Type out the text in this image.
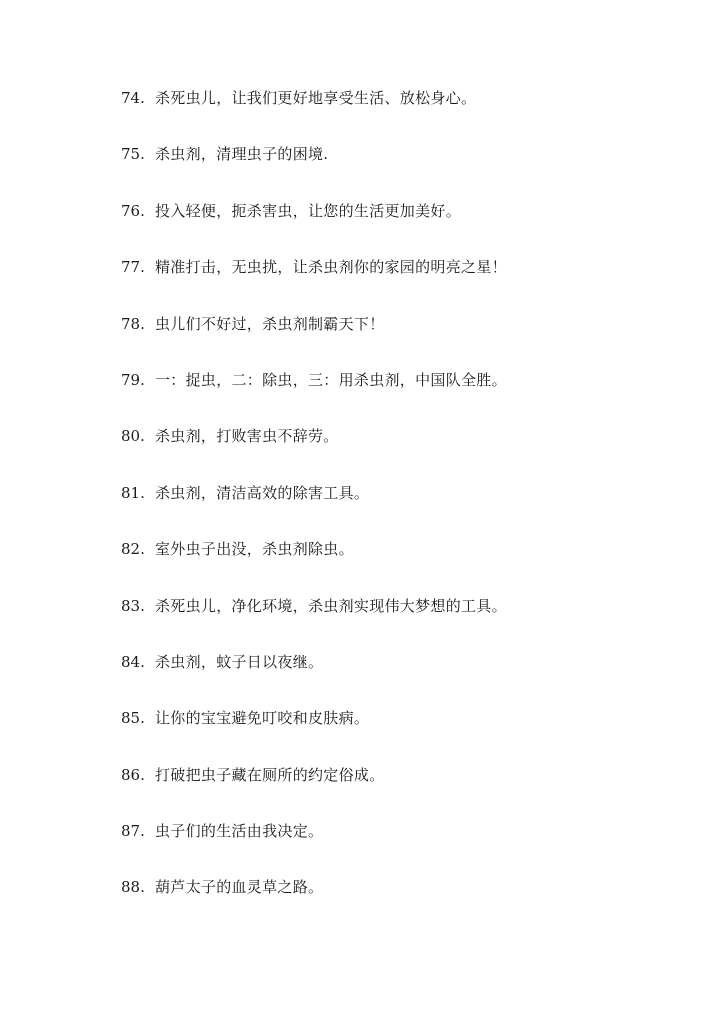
74. 杀死虫儿，让我们更好地享受生活、放松身心。
75. 杀虫剂，清理虫子的困境.
76. 投入轻便，扼杀害虫，让您的生活更加美好。
77. 精准打击，无虫扰，让杀虫剂你的家园的明亮之星！
78. 虫儿们不好过，杀虫剂制霸天下！
79. 一：捉虫，二：除虫，三：用杀虫剂，中国队全胜。
80. 杀虫剂，打败害虫不辞劳。
81. 杀虫剂，清洁高效的除害工具。
82. 室外虫子出没，杀虫剂除虫。
83. 杀死虫儿，净化环境，杀虫剂实现伟大梦想的工具。
84. 杀虫剂，蚊子日以夜继。
85. 让你的宝宝避免叮咬和皮肤病。
86. 打破把虫子藏在厕所的约定俗成。
87. 虫子们的生活由我决定。
88. 葫芦太子的血灵草之路。
